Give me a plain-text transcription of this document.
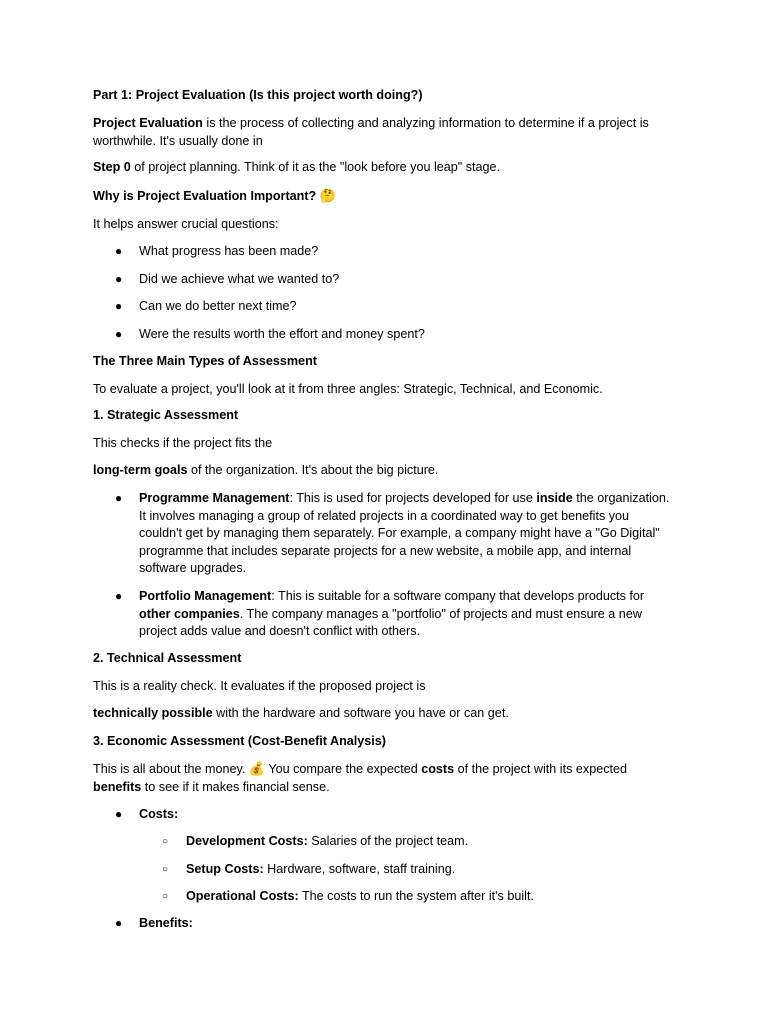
Part 1: Project Evaluation (Is this project worth doing?)

Project Evaluation is the process of collecting and analyzing information to determine if a project is worthwhile. It's usually done in

Step 0 of project planning. Think of it as the "look before you leap" stage.

Why is Project Evaluation Important? 🤔

It helps answer crucial questions:

● What progress has been made?

● Did we achieve what we wanted to?

● Can we do better next time?

● Were the results worth the effort and money spent?

The Three Main Types of Assessment

To evaluate a project, you'll look at it from three angles: Strategic, Technical, and Economic.

1. Strategic Assessment

This checks if the project fits the

long-term goals of the organization. It's about the big picture.

● Programme Management: This is used for projects developed for use inside the organization. It involves managing a group of related projects in a coordinated way to get benefits you couldn't get by managing them separately. For example, a company might have a "Go Digital" programme that includes separate projects for a new website, a mobile app, and internal software upgrades.

● Portfolio Management: This is suitable for a software company that develops products for other companies. The company manages a "portfolio" of projects and must ensure a new project adds value and doesn't conflict with others.

2. Technical Assessment

This is a reality check. It evaluates if the proposed project is

technically possible with the hardware and software you have or can get.

3. Economic Assessment (Cost-Benefit Analysis)

This is all about the money. 💰 You compare the expected costs of the project with its expected benefits to see if it makes financial sense.

● Costs:

○ Development Costs: Salaries of the project team.

○ Setup Costs: Hardware, software, staff training.

○ Operational Costs: The costs to run the system after it's built.

● Benefits:
